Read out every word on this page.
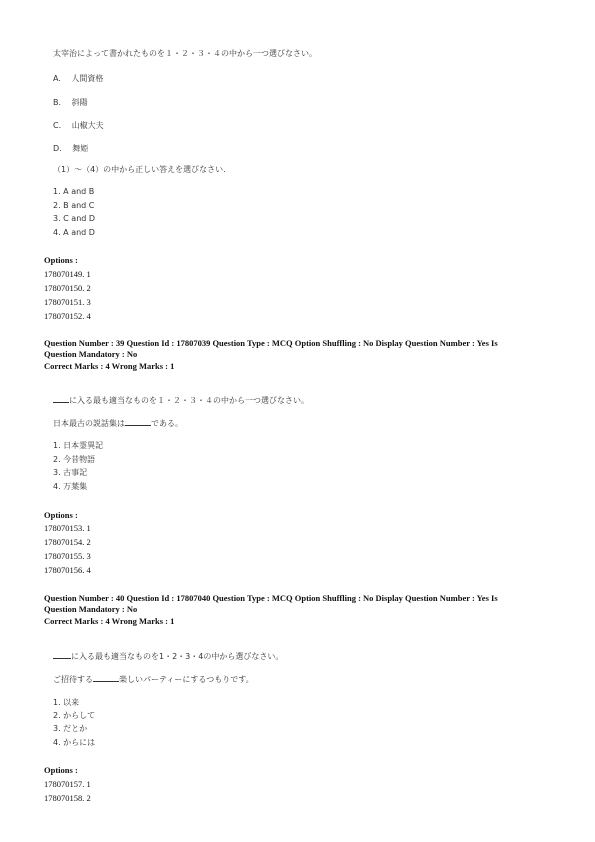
太宰治によって書かれたものを１・２・３・４の中から一つ選びなさい。
A. 人間資格
B. 斜陽
C. 山椒大夫
D. 舞姫
（1）～（4）の中から正しい答えを選びなさい.
1. A and B
2. B and C
3. C and D
4. A and D
Options :
178070149. 1
178070150. 2
178070151. 3
178070152. 4
Question Number : 39 Question Id : 17807039 Question Type : MCQ Option Shuffling : No Display Question Number : Yes Is
Question Mandatory : No
Correct Marks : 4 Wrong Marks : 1
に入る最も適当なものを１・２・３・４の中から一つ選びなさい。
日本最古の説話集は	である。
1. 日本霊異記
2. 今昔物語
3. 古事記
4. 万葉集
Options :
178070153. 1
178070154. 2
178070155. 3
178070156. 4
Question Number : 40 Question Id : 17807040 Question Type : MCQ Option Shuffling : No Display Question Number : Yes Is
Question Mandatory : No
Correct Marks : 4 Wrong Marks : 1
に入る最も適当なものを1・2・3・4の中から選びなさい。
ご招待する	楽しいパーティーにするつもりです。
1. 以来
2. からして
3. だとか
4. からには
Options :
178070157. 1
178070158. 2
